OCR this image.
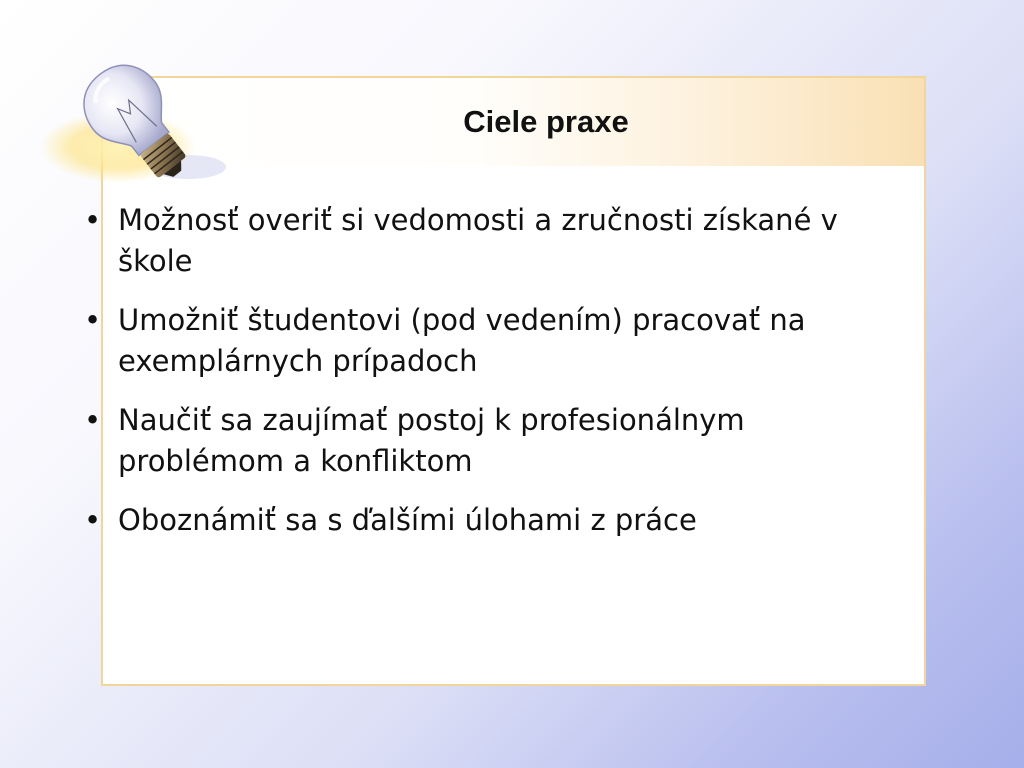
Ciele praxe
• Možnosť overiť si vedomosti a zručnosti získané v škole
• Umožniť študentovi (pod vedením) pracovať na exemplárnych prípadoch
• Naučiť sa zaujímať postoj k profesionálnym problémom a konfliktom
• Oboznámiť sa s ďalšími úlohami z práce
